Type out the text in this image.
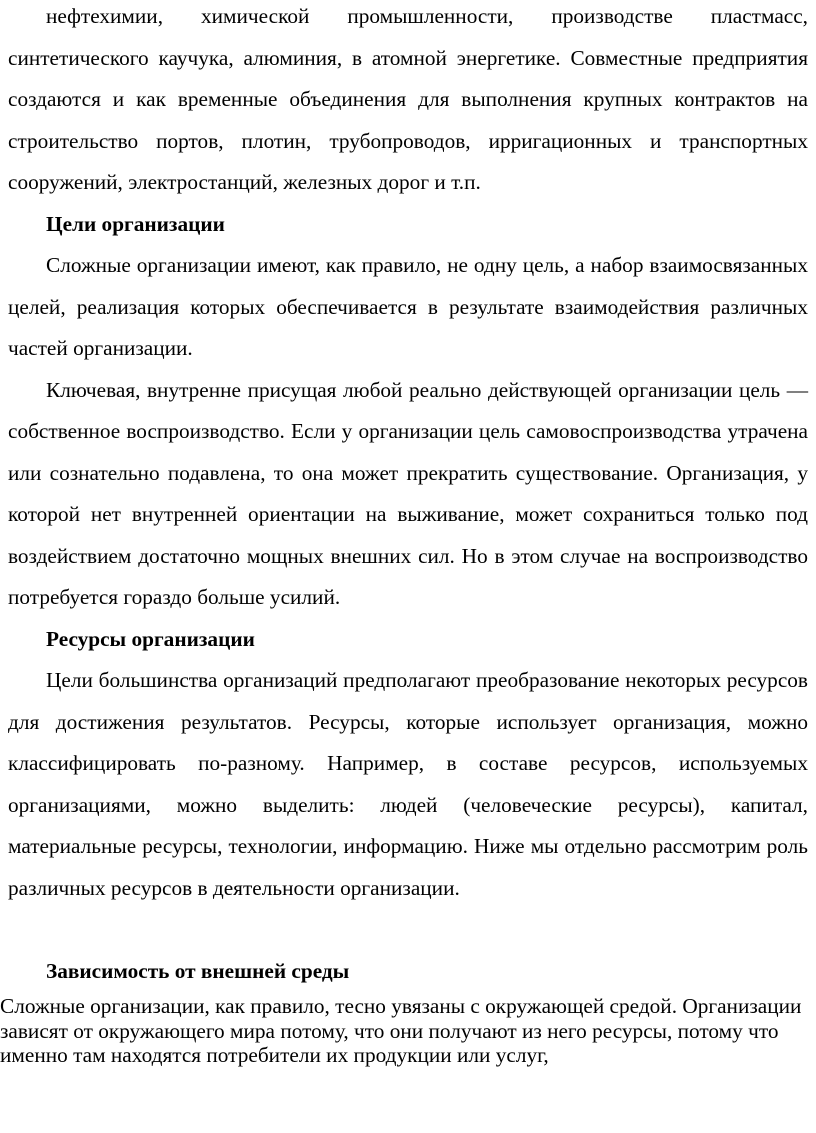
нефтехимии, химической промышленности, производстве пластмасс, синтетического каучука, алюминия, в атомной энергетике. Совместные предприятия создаются и как временные объединения для выполнения крупных контрактов на строительство портов, плотин, трубопроводов, ирригационных и транспортных сооружений, электростанций, железных дорог и т.п.

Цели организации

Сложные организации имеют, как правило, не одну цель, а набор взаимосвязанных целей, реализация которых обеспечивается в результате взаимодействия различных частей организации.

Ключевая, внутренне присущая любой реально действующей организации цель — собственное воспроизводство. Если у организации цель самовоспроизводства утрачена или сознательно подавлена, то она может прекратить существование. Организация, у которой нет внутренней ориентации на выживание, может сохраниться только под воздействием достаточно мощных внешних сил. Но в этом случае на воспроизводство потребуется гораздо больше усилий.

Ресурсы организации

Цели большинства организаций предполагают преобразование некоторых ресурсов для достижения результатов. Ресурсы, которые использует организация, можно классифицировать по-разному. Например, в составе ресурсов, используемых организациями, можно выделить: людей (человеческие ресурсы), капитал, материальные ресурсы, технологии, информацию. Ниже мы отдельно рассмотрим роль различных ресурсов в деятельности организации.

Зависимость от внешней среды

Сложные организации, как правило, тесно увязаны с окружающей средой. Организации зависят от окружающего мира потому, что они получают из него ресурсы, потому что именно там находятся потребители их продукции или услуг,
